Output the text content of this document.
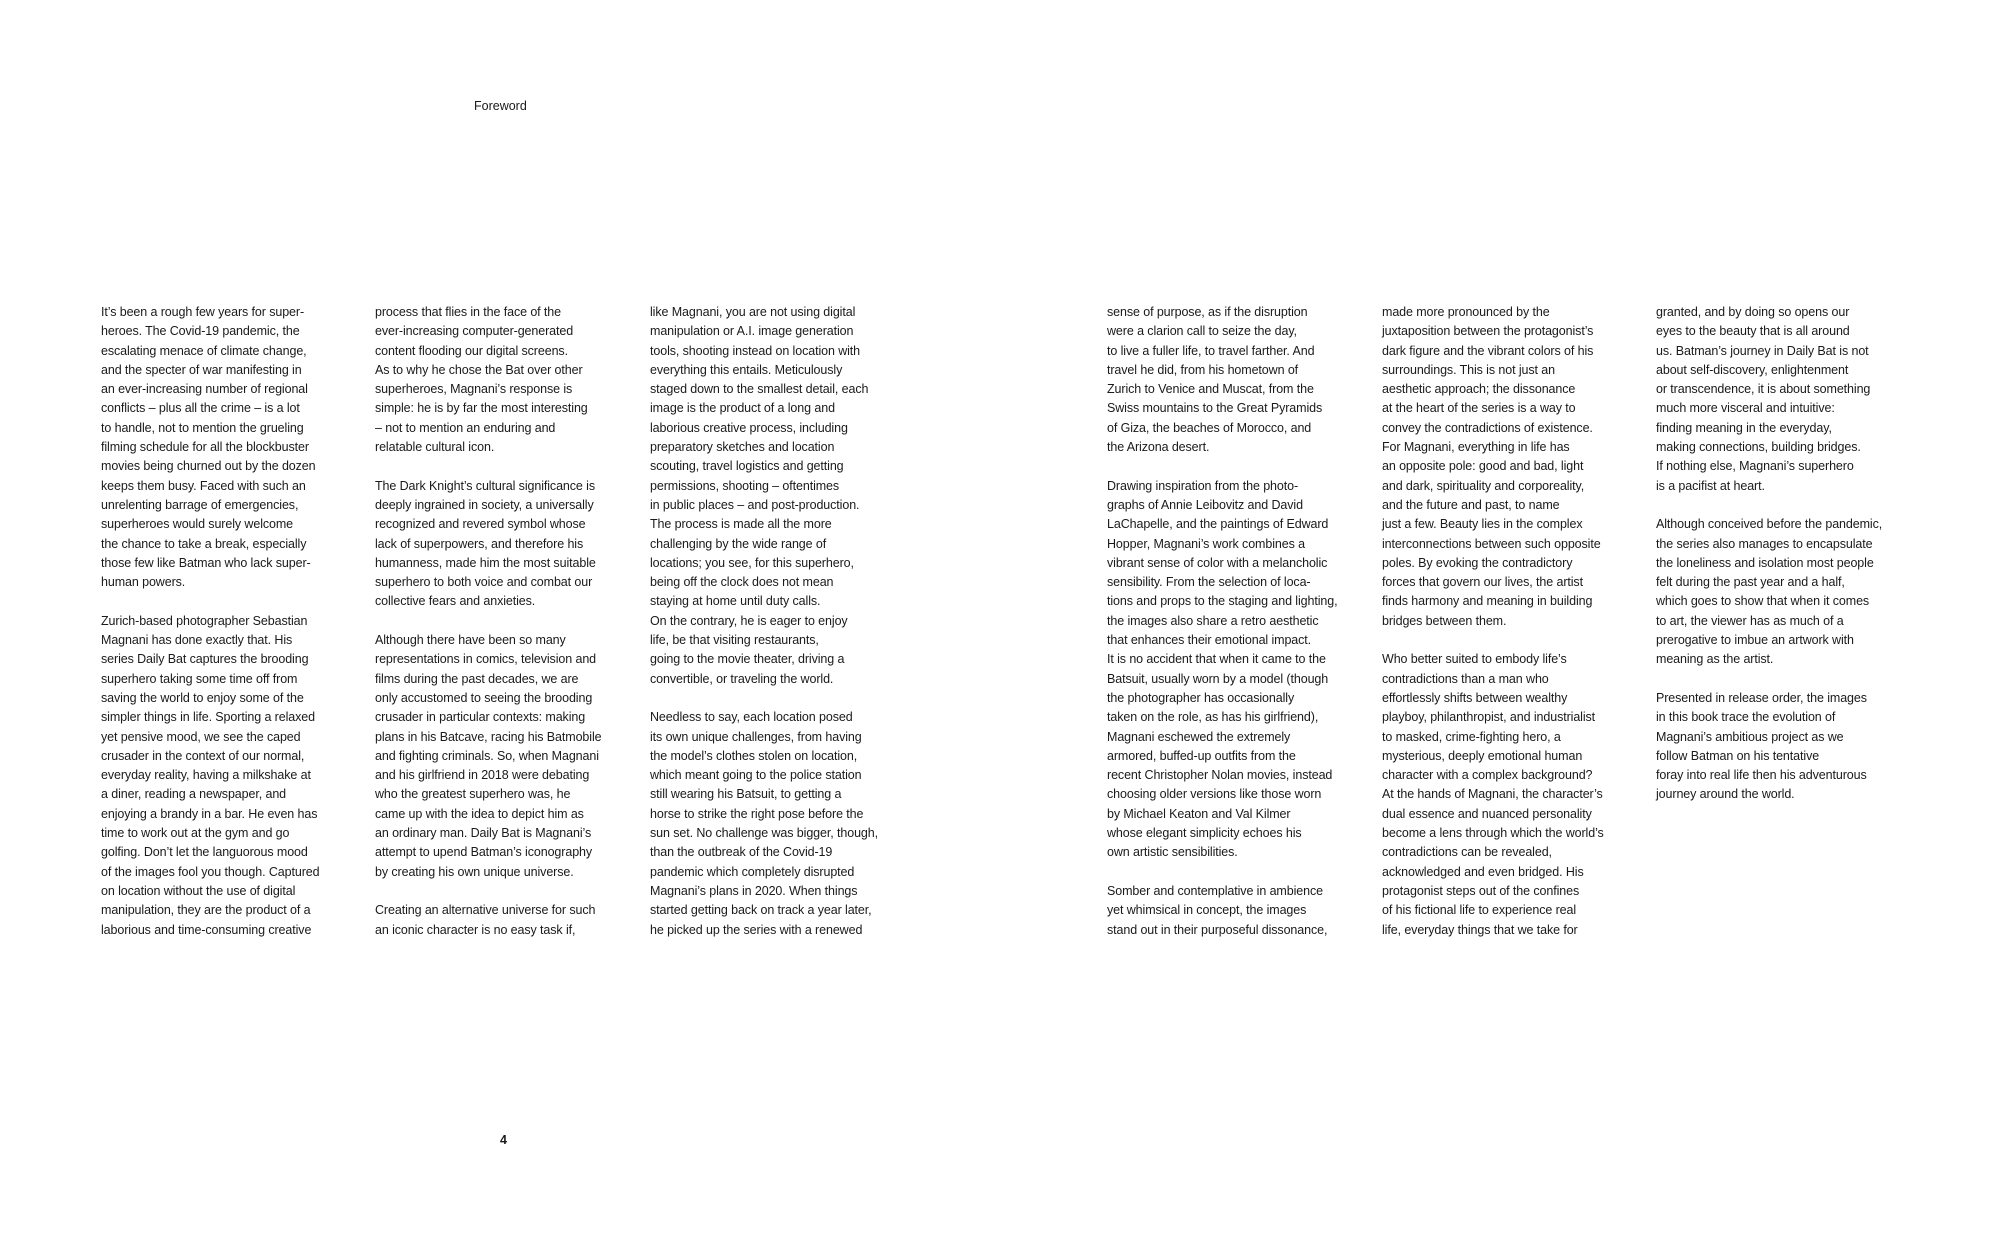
Foreword

It’s been a rough few years for super-
heroes. The Covid-19 pandemic, the
escalating menace of climate change,
and the specter of war manifesting in
an ever-increasing number of regional
conflicts – plus all the crime – is a lot
to handle, not to mention the grueling
filming schedule for all the blockbuster
movies being churned out by the dozen
keeps them busy. Faced with such an
unrelenting barrage of emergencies,
superheroes would surely welcome
the chance to take a break, especially
those few like Batman who lack super-
human powers.

Zurich-based photographer Sebastian
Magnani has done exactly that. His
series Daily Bat captures the brooding
superhero taking some time off from
saving the world to enjoy some of the
simpler things in life. Sporting a relaxed
yet pensive mood, we see the caped
crusader in the context of our normal,
everyday reality, having a milkshake at
a diner, reading a newspaper, and
enjoying a brandy in a bar. He even has
time to work out at the gym and go
golfing. Don’t let the languorous mood
of the images fool you though. Captured
on location without the use of digital
manipulation, they are the product of a
laborious and time-consuming creative

process that flies in the face of the
ever-increasing computer-generated
content flooding our digital screens.
As to why he chose the Bat over other
superheroes, Magnani’s response is
simple: he is by far the most interesting
– not to mention an enduring and
relatable cultural icon.

The Dark Knight’s cultural significance is
deeply ingrained in society, a universally
recognized and revered symbol whose
lack of superpowers, and therefore his
humanness, made him the most suitable
superhero to both voice and combat our
collective fears and anxieties.

Although there have been so many
representations in comics, television and
films during the past decades, we are
only accustomed to seeing the brooding
crusader in particular contexts: making
plans in his Batcave, racing his Batmobile
and fighting criminals. So, when Magnani
and his girlfriend in 2018 were debating
who the greatest superhero was, he
came up with the idea to depict him as
an ordinary man. Daily Bat is Magnani’s
attempt to upend Batman’s iconography
by creating his own unique universe.

Creating an alternative universe for such
an iconic character is no easy task if,

like Magnani, you are not using digital
manipulation or A.I. image generation
tools, shooting instead on location with
everything this entails. Meticulously
staged down to the smallest detail, each
image is the product of a long and
laborious creative process, including
preparatory sketches and location
scouting, travel logistics and getting
permissions, shooting – oftentimes
in public places – and post-production.
The process is made all the more
challenging by the wide range of
locations; you see, for this superhero,
being off the clock does not mean
staying at home until duty calls.
On the contrary, he is eager to enjoy
life, be that visiting restaurants,
going to the movie theater, driving a
convertible, or traveling the world.

Needless to say, each location posed
its own unique challenges, from having
the model’s clothes stolen on location,
which meant going to the police station
still wearing his Batsuit, to getting a
horse to strike the right pose before the
sun set. No challenge was bigger, though,
than the outbreak of the Covid-19
pandemic which completely disrupted
Magnani’s plans in 2020. When things
started getting back on track a year later,
he picked up the series with a renewed

sense of purpose, as if the disruption
were a clarion call to seize the day,
to live a fuller life, to travel farther. And
travel he did, from his hometown of
Zurich to Venice and Muscat, from the
Swiss mountains to the Great Pyramids
of Giza, the beaches of Morocco, and
the Arizona desert.

Drawing inspiration from the photo-
graphs of Annie Leibovitz and David
LaChapelle, and the paintings of Edward
Hopper, Magnani’s work combines a
vibrant sense of color with a melancholic
sensibility. From the selection of loca-
tions and props to the staging and lighting,
the images also share a retro aesthetic
that enhances their emotional impact.
It is no accident that when it came to the
Batsuit, usually worn by a model (though
the photographer has occasionally
taken on the role, as has his girlfriend),
Magnani eschewed the extremely
armored, buffed-up outfits from the
recent Christopher Nolan movies, instead
choosing older versions like those worn
by Michael Keaton and Val Kilmer
whose elegant simplicity echoes his
own artistic sensibilities.

Somber and contemplative in ambience
yet whimsical in concept, the images
stand out in their purposeful dissonance,

made more pronounced by the
juxtaposition between the protagonist’s
dark figure and the vibrant colors of his
surroundings. This is not just an
aesthetic approach; the dissonance
at the heart of the series is a way to
convey the contradictions of existence.
For Magnani, everything in life has
an opposite pole: good and bad, light
and dark, spirituality and corporeality,
and the future and past, to name
just a few. Beauty lies in the complex
interconnections between such opposite
poles. By evoking the contradictory
forces that govern our lives, the artist
finds harmony and meaning in building
bridges between them.

Who better suited to embody life’s
contradictions than a man who
effortlessly shifts between wealthy
playboy, philanthropist, and industrialist
to masked, crime-fighting hero, a
mysterious, deeply emotional human
character with a complex background?
At the hands of Magnani, the character’s
dual essence and nuanced personality
become a lens through which the world’s
contradictions can be revealed,
acknowledged and even bridged. His
protagonist steps out of the confines
of his fictional life to experience real
life, everyday things that we take for

granted, and by doing so opens our
eyes to the beauty that is all around
us. Batman’s journey in Daily Bat is not
about self-discovery, enlightenment
or transcendence, it is about something
much more visceral and intuitive:
finding meaning in the everyday,
making connections, building bridges.
If nothing else, Magnani’s superhero
is a pacifist at heart.

Although conceived before the pandemic,
the series also manages to encapsulate
the loneliness and isolation most people
felt during the past year and a half,
which goes to show that when it comes
to art, the viewer has as much of a
prerogative to imbue an artwork with
meaning as the artist.

Presented in release order, the images
in this book trace the evolution of
Magnani’s ambitious project as we
follow Batman on his tentative
foray into real life then his adventurous
journey around the world.

4
